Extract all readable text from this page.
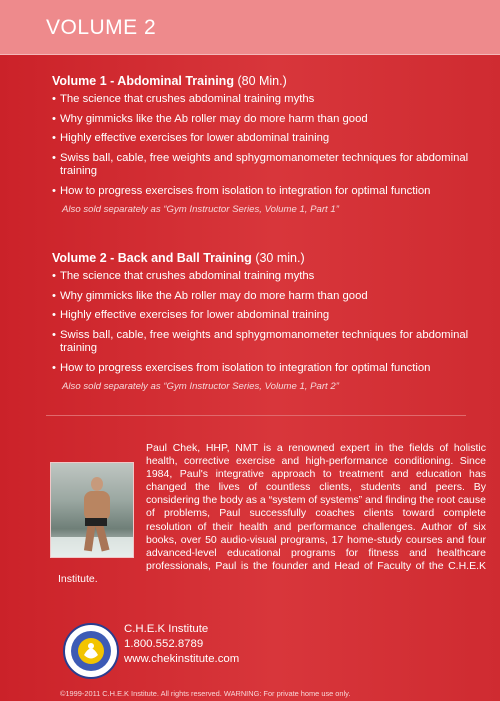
VOLUME 2
Volume 1 - Abdominal Training (80 Min.)
• The science that crushes abdominal training myths
• Why gimmicks like the Ab roller may do more harm than good
• Highly effective exercises for lower abdominal training
• Swiss ball, cable, free weights and sphygmomanometer techniques for abdominal training
• How to progress exercises from isolation to integration for optimal function
Also sold separately as “Gym Instructor Series, Volume 1, Part 1”
Volume 2 - Back and Ball Training (30 min.)
• The science that crushes abdominal training myths
• Why gimmicks like the Ab roller may do more harm than good
• Highly effective exercises for lower abdominal training
• Swiss ball, cable, free weights and sphygmomanometer techniques for abdominal training
• How to progress exercises from isolation to integration for optimal function
Also sold separately as “Gym Instructor Series, Volume 1, Part 2”
Paul Chek, HHP, NMT is a renowned expert in the fields of holistic health, corrective exercise and high-performance conditioning. Since 1984, Paul's integrative approach to treatment and education has changed the lives of countless clients, students and peers. By considering the body as a “system of systems” and finding the root cause of problems, Paul successfully coaches clients toward complete resolution of their health and performance challenges. Author of six books, over 50 audio-visual programs, 17 home-study courses and four advanced-level educational programs for fitness and healthcare professionals, Paul is the founder and Head of Faculty of the C.H.E.K Institute.
C.H.E.K Institute
1.800.552.8789
www.chekinstitute.com
©1999-2011 C.H.E.K Institute. All rights reserved. WARNING: For private home use only.
